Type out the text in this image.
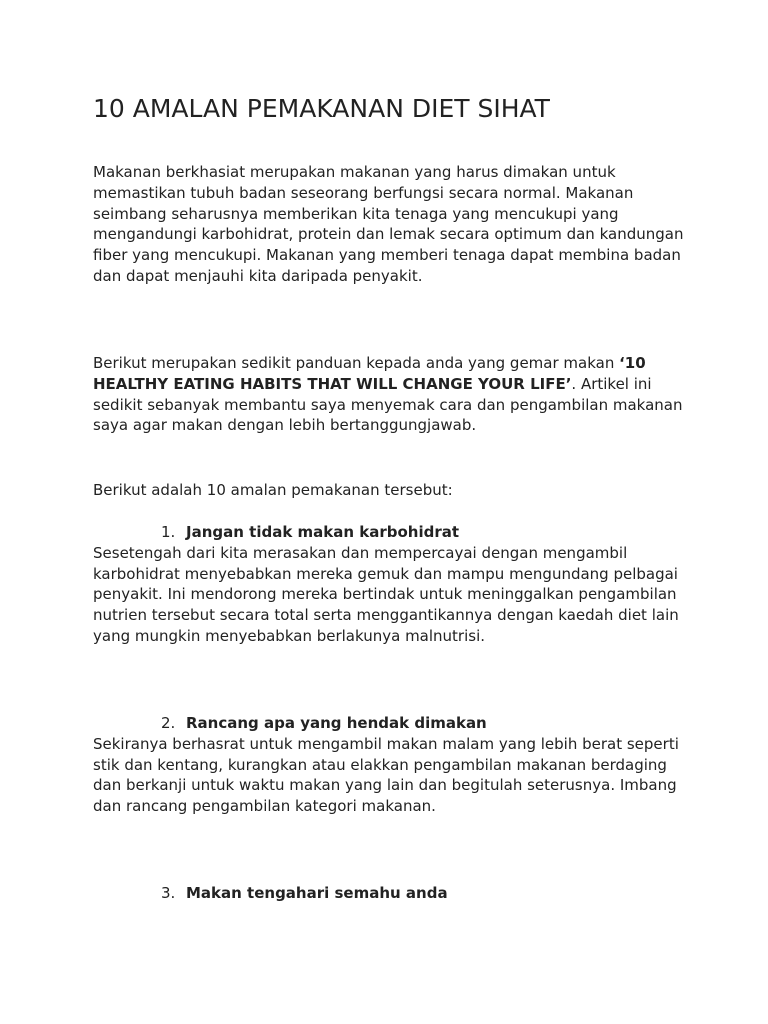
10 AMALAN PEMAKANAN DIET SIHAT
Makanan berkhasiat merupakan makanan yang harus dimakan untuk
memastikan tubuh badan seseorang berfungsi secara normal. Makanan
seimbang seharusnya memberikan kita tenaga yang mencukupi yang
mengandungi karbohidrat, protein dan lemak secara optimum dan kandungan
fiber yang mencukupi. Makanan yang memberi tenaga dapat membina badan
dan dapat menjauhi kita daripada penyakit.
Berikut merupakan sedikit panduan kepada anda yang gemar makan ‘10
HEALTHY EATING HABITS THAT WILL CHANGE YOUR LIFE’. Artikel ini
sedikit sebanyak membantu saya menyemak cara dan pengambilan makanan
saya agar makan dengan lebih bertanggungjawab.
Berikut adalah 10 amalan pemakanan tersebut:
1. Jangan tidak makan karbohidrat
Sesetengah dari kita merasakan dan mempercayai dengan mengambil
karbohidrat menyebabkan mereka gemuk dan mampu mengundang pelbagai
penyakit. Ini mendorong mereka bertindak untuk meninggalkan pengambilan
nutrien tersebut secara total serta menggantikannya dengan kaedah diet lain
yang mungkin menyebabkan berlakunya malnutrisi.
2. Rancang apa yang hendak dimakan
Sekiranya berhasrat untuk mengambil makan malam yang lebih berat seperti
stik dan kentang, kurangkan atau elakkan pengambilan makanan berdaging
dan berkanji untuk waktu makan yang lain dan begitulah seterusnya. Imbang
dan rancang pengambilan kategori makanan.
3. Makan tengahari semahu anda
